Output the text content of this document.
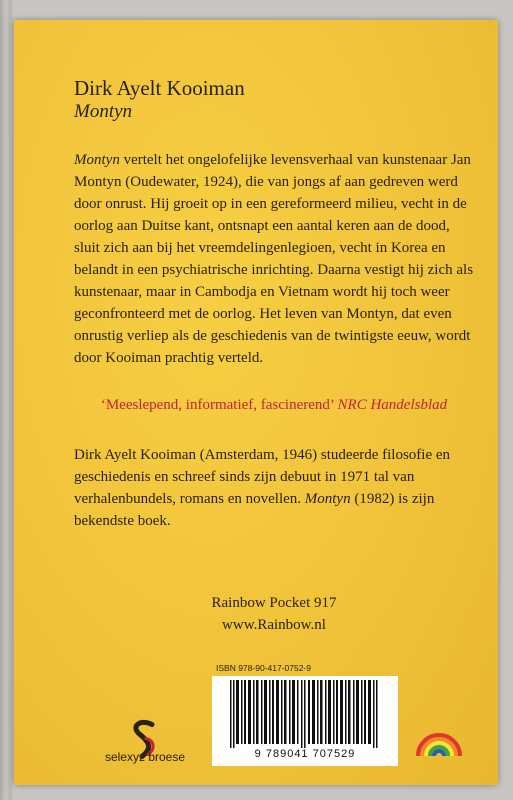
Dirk Ayelt Kooiman

Montyn

Montyn vertelt het ongelofelijke levensverhaal van kunstenaar Jan Montyn (Oudewater, 1924), die van jongs af aan gedreven werd door onrust. Hij groeit op in een gereformeerd milieu, vecht in de oorlog aan Duitse kant, ontsnapt een aantal keren aan de dood, sluit zich aan bij het vreemdelingenlegioen, vecht in Korea en belandt in een psychiatrische inrichting. Daarna vestigt hij zich als kunstenaar, maar in Cambodja en Vietnam wordt hij toch weer geconfronteerd met de oorlog. Het leven van Montyn, dat even onrustig verliep als de geschiedenis van de twintigste eeuw, wordt door Kooiman prachtig verteld.

‘Meeslepend, informatief, fascinerend’ NRC Handelsblad

Dirk Ayelt Kooiman (Amsterdam, 1946) studeerde filosofie en geschiedenis en schreef sinds zijn debuut in 1971 tal van verhalenbundels, romans en novellen. Montyn (1982) is zijn bekendste boek.

Rainbow Pocket 917
www.Rainbow.nl
ISBN 978-90-417-0752-9
9 789041 707529
selexyz broese
